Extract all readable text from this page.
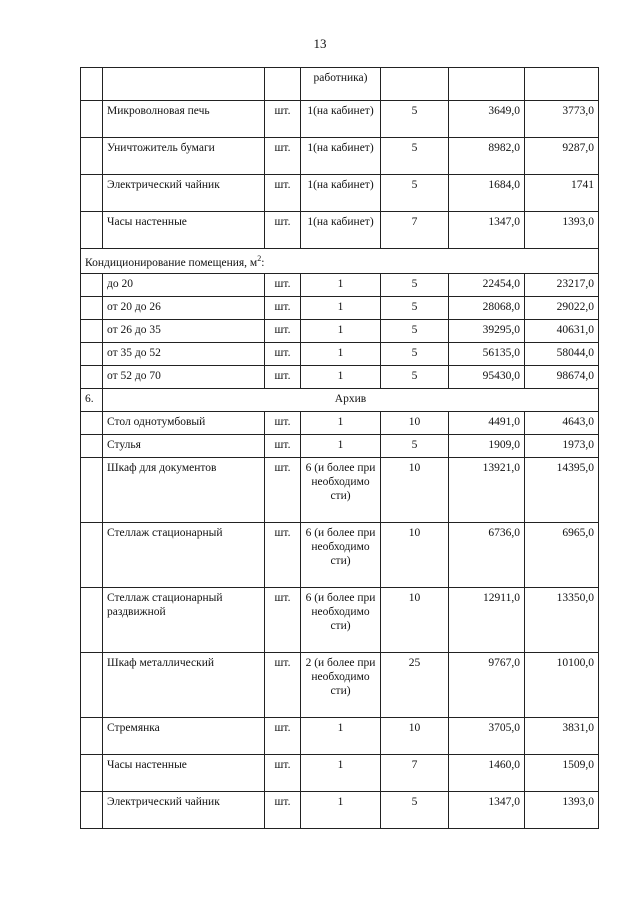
13
			работника)			
	Микроволновая печь	шт.	1(на кабинет)	5	3649,0	3773,0
	Уничтожитель бумаги	шт.	1(на кабинет)	5	8982,0	9287,0
	Электрический чайник	шт.	1(на кабинет)	5	1684,0	1741
	Часы настенные	шт.	1(на кабинет)	7	1347,0	1393,0
Кондиционирование помещения, $м^2$:						
	до 20	шт.	1	5	22454,0	23217,0
	от 20 до 26	шт.	1	5	28068,0	29022,0
	от 26 до 35	шт.	1	5	39295,0	40631,0
	от 35 до 52	шт.	1	5	56135,0	58044,0
	от 52 до 70	шт.	1	5	95430,0	98674,0
6.	Архив					
	Стол однотумбовый	шт.	1	10	4491,0	4643,0
	Стулья	шт.	1	5	1909,0	1973,0
	Шкаф для документов	шт.	6 (и более при необходимо сти)	10	13921,0	14395,0
	Стеллаж стационарный	шт.	6 (и более при необходимо сти)	10	6736,0	6965,0
	Стеллаж стационарный раздвижной	шт.	6 (и более при необходимо сти)	10	12911,0	13350,0
	Шкаф металлический	шт.	2 (и более при необходимо сти)	25	9767,0	10100,0
	Стремянка	шт.	1	10	3705,0	3831,0
	Часы настенные	шт.	1	7	1460,0	1509,0
	Электрический чайник	шт.	1	5	1347,0	1393,0
